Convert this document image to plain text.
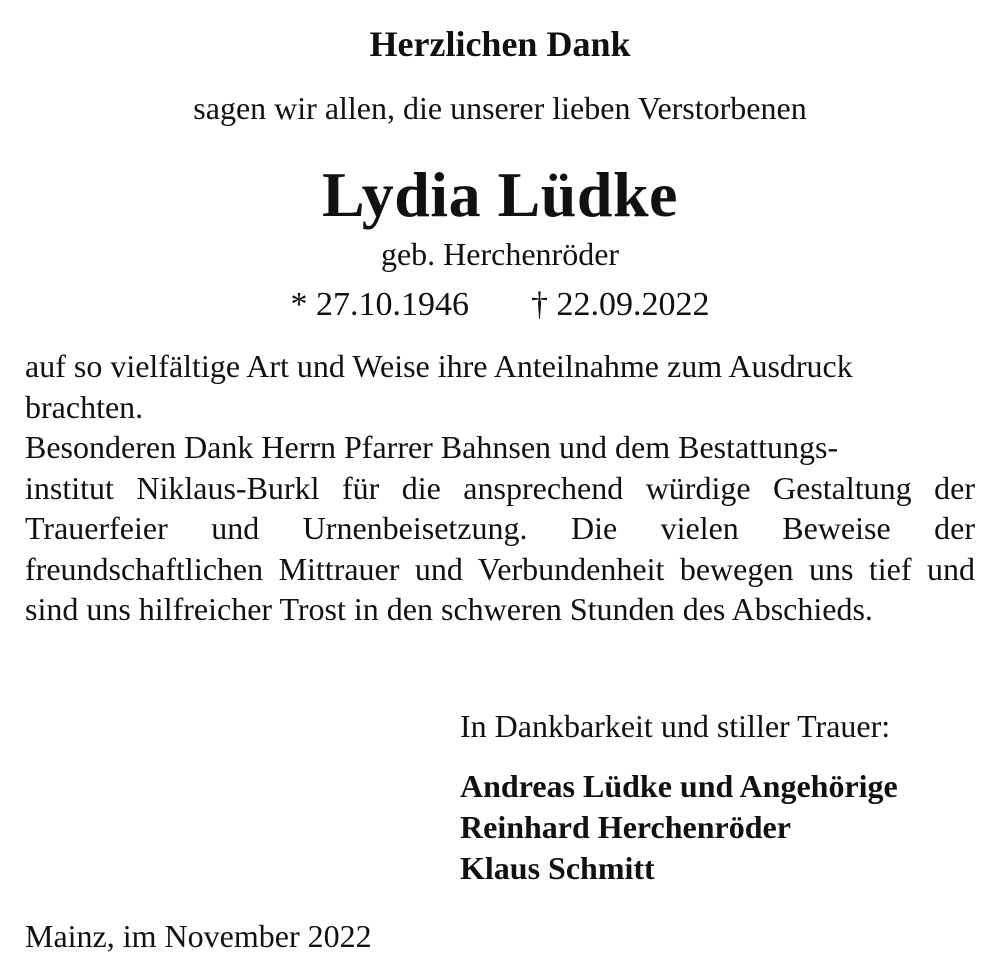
Herzlichen Dank
sagen wir allen, die unserer lieben Verstorbenen
Lydia Lüdke
geb. Herchenröder
* 27.10.1946 † 22.09.2022

auf so vielfältige Art und Weise ihre Anteilnahme zum Ausdruck
brachten.

Besonderen Dank Herrn Pfarrer Bahnsen und dem Bestattungs-
institut Niklaus-Burkl für die ansprechend würdige Gestaltung der Trauerfeier und Urnenbeisetzung. Die vielen Beweise der freundschaftlichen Mittrauer und Verbundenheit bewegen uns tief und sind uns hilfreicher Trost in den schweren Stunden des Abschieds.

In Dankbarkeit und stiller Trauer:
Andreas Lüdke und Angehörige
Reinhard Herchenröder
Klaus Schmitt
Mainz, im November 2022
